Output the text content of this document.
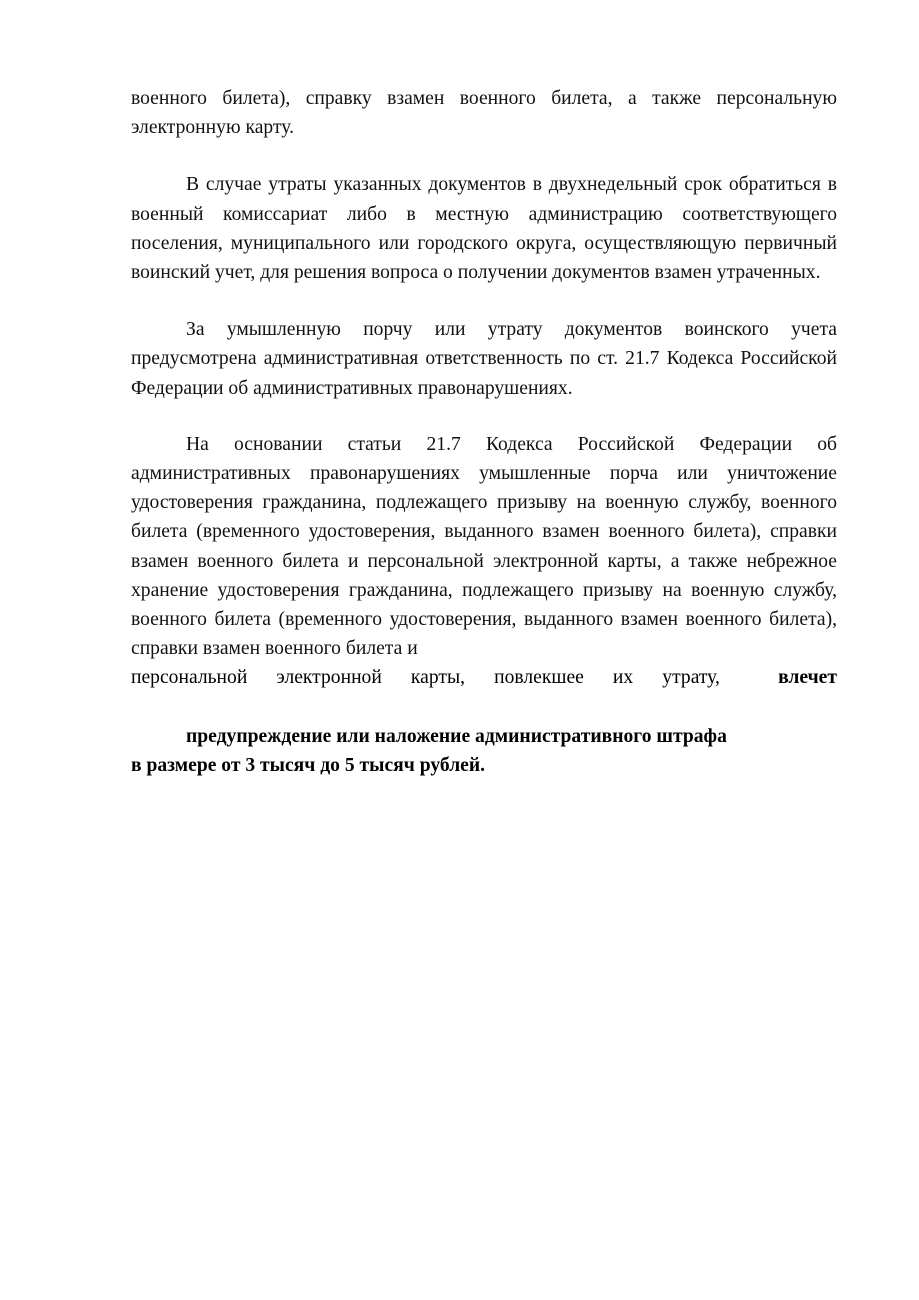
военного билета), справку взамен военного билета, а также персональную электронную карту.

В случае утраты указанных документов в двухнедельный срок обратиться в военный комиссариат либо в местную администрацию соответствующего поселения, муниципального или городского округа, осуществляющую первичный воинский учет, для решения вопроса о получении документов взамен утраченных.

За умышленную порчу или утрату документов воинского учета предусмотрена административная ответственность по ст. 21.7 Кодекса Российской Федерации об административных правонарушениях.

На основании статьи 21.7 Кодекса Российской Федерации об административных правонарушениях умышленные порча или уничтожение удостоверения гражданина, подлежащего призыву на военную службу, военного билета (временного удостоверения, выданного взамен военного билета), справки взамен военного билета и персональной электронной карты, а также небрежное хранение удостоверения гражданина, подлежащего призыву на военную службу, военного билета (временного удостоверения, выданного взамен военного билета), справки взамен военного билета и

персональной электронной карты, повлекшее их утрату,	влечет

предупреждение или наложение административного штрафа

в размере от 3 тысяч до 5 тысяч рублей.
